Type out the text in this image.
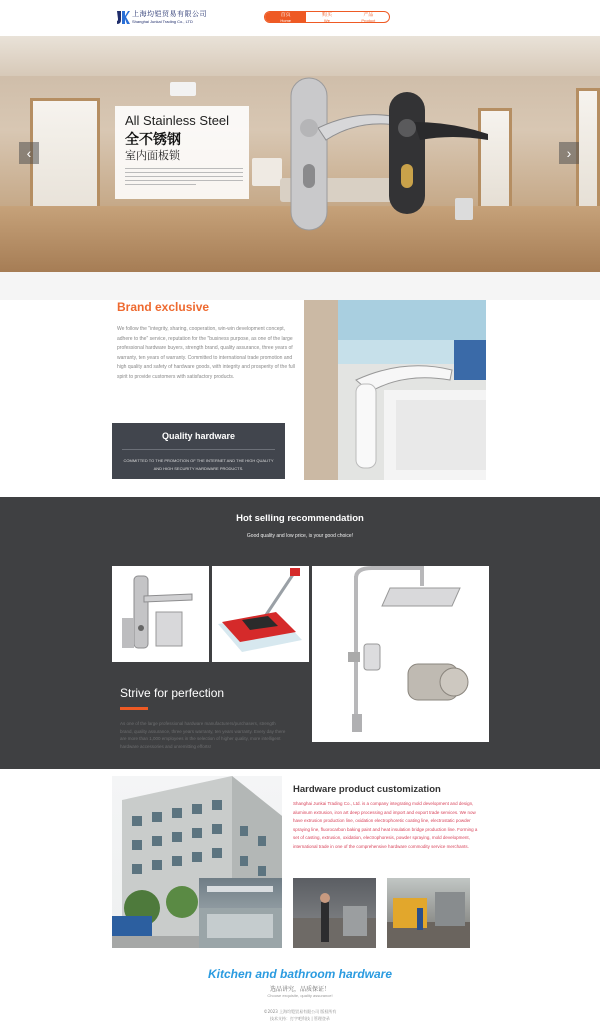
上海均铠贸易有限公司
Shanghai Junkai Trading Co., LTD
首页
Home
购买
We
产品
Product
All Stainless Steel
全不锈钢
室内面板锁
‹	›
Brand exclusive
We follow the "integrity, sharing, cooperation, win-win development concept, adhere to the" service, reputation for the "business purpose, as one of the large professional hardware buyers, strength brand, quality assurance, three years of warranty, ten years of warranty. Committed to international trade promotion and high quality and safety of hardware goods, with integrity and prosperity of the full spirit to provide customers with satisfactory products.
Quality hardware
COMMITTED TO THE PROMOTION OF THE INTERNET AND THE HIGH QUALITY AND HIGH SECURITY HARDWARE PRODUCTS.
Hot selling recommendation
Good quality and low price, is your good choice!
Strive for perfection
As one of the large professional hardware manufacturers/purchasers, strength brand, quality assurance, three years warranty, ten years warranty. Every day there are more than 1,000 employees in the selection of higher quality, more intelligent hardware accessories and unremitting efforts!
Hardware product customization
Shanghai Junkai Trading Co., Ltd. is a company integrating mold development and design, aluminum extrusion, iron art deep processing and import and export trade services. We now have extrusion production line, oxidation electrophoretic coating line, electrostatic powder spraying line, fluorocarbon baking paint and heat insulation bridge production line. Forming a set of casting, extrusion, oxidation, electrophoresis, powder spraying, mold development, international trade in one of the comprehensive hardware commodity service merchants.
Kitchen and bathroom hardware
选品讲究，品质保证！
Choose exquisite, quality assurance!
©2023 上海均铠贸易有限公司 版权所有
技术支持：打字吧科技 | 管理登录
